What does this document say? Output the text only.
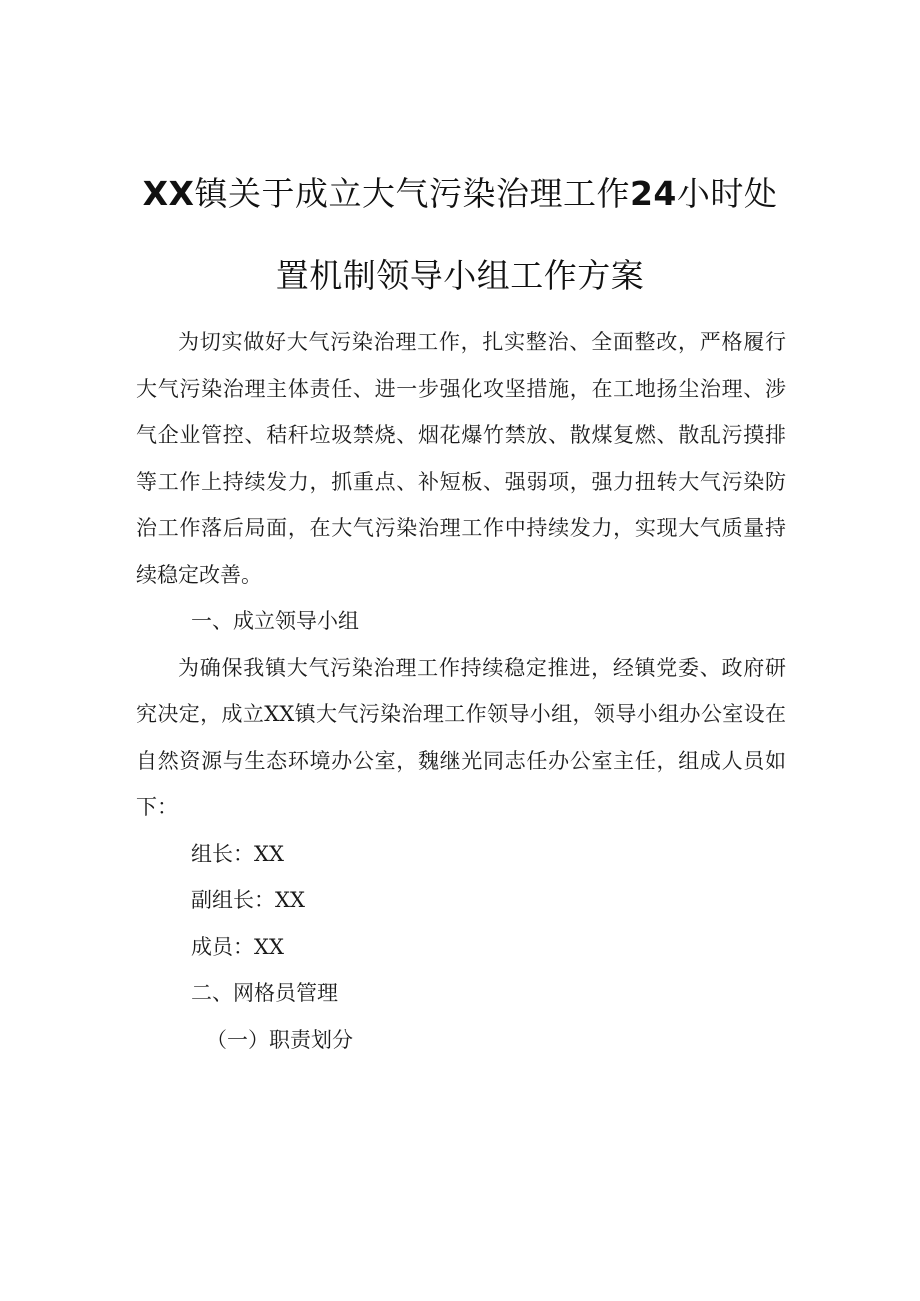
XX镇关于成立大气污染治理工作24小时处
置机制领导小组工作方案

为切实做好大气污染治理工作，扎实整治、全面整改，严格履行大气污染治理主体责任、进一步强化攻坚措施，在工地扬尘治理、涉气企业管控、秸秆垃圾禁烧、烟花爆竹禁放、散煤复燃、散乱污摸排等工作上持续发力，抓重点、补短板、强弱项，强力扭转大气污染防治工作落后局面，在大气污染治理工作中持续发力，实现大气质量持续稳定改善。

一、成立领导小组

为确保我镇大气污染治理工作持续稳定推进，经镇党委、政府研究决定，成立XX镇大气污染治理工作领导小组，领导小组办公室设在自然资源与生态环境办公室，魏继光同志任办公室主任，组成人员如下：

组长：XX

副组长：XX

成员：XX

二、网格员管理

（一）职责划分
